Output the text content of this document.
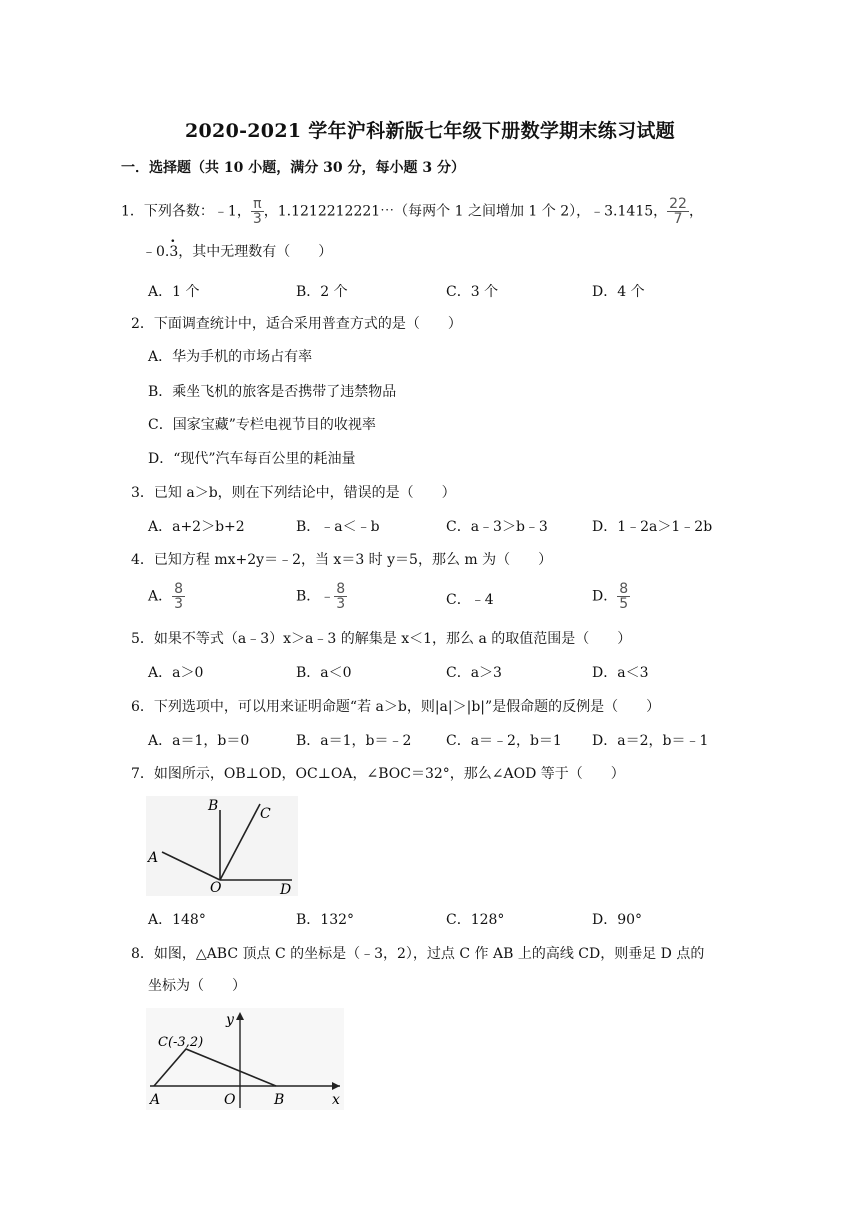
2020-2021 学年沪科新版七年级下册数学期末练习试题
一．选择题（共 10 小题，满分 30 分，每小题 3 分）
1．下列各数：﹣1， $\frac{\pi}{3}$ ，1.1212212221⋯（每两个 1 之间增加 1 个 2），﹣3.1415， $\frac{22}{7}$ ，
﹣0.. 3，其中无理数有（　　）
A．1 个	B．2 个	C．3 个	D．4 个
2．下面调查统计中，适合采用普查方式的是（　　）
A．华为手机的市场占有率
B．乘坐飞机的旅客是否携带了违禁物品
C．国家宝藏”专栏电视节目的收视率
D．“现代”汽车每百公里的耗油量
3．已知 a＞b，则在下列结论中，错误的是（　　）
A．a+2＞b+2	B．﹣a＜﹣b	C．a﹣3＞b﹣3	D．1﹣2a＞1﹣2b
4．已知方程 mx+2y＝﹣2，当 x＝3 时 y＝5，那么 m 为（　　）
A． $\frac{8}{3}$	B．﹣ $\frac{8}{3}$	C．﹣4	D． $\frac{8}{5}$
5．如果不等式（a﹣3）x＞a﹣3 的解集是 x＜1，那么 a 的取值范围是（　　）
A．a＞0	B．a＜0	C．a＞3	D．a＜3
6．下列选项中，可以用来证明命题“若 a＞b，则|a|＞|b|”是假命题的反例是（　　）
A．a＝1，b＝0	B．a＝1，b＝﹣2 C．a＝﹣2，b＝1 D．a＝2，b＝﹣1
7．如图所示，OB⊥OD，OC⊥OA，∠BOC＝32°，那么∠AOD 等于（　　）
B	C
A
O	D
A．148°	B．132°	C．128°	D．90°
8．如图，△ABC 顶点 C 的坐标是（﹣3，2），过点 C 作 AB 上的高线 CD，则垂足 D 点的
坐标为（　　）
y
C(-3,2)
A	O	B	x
